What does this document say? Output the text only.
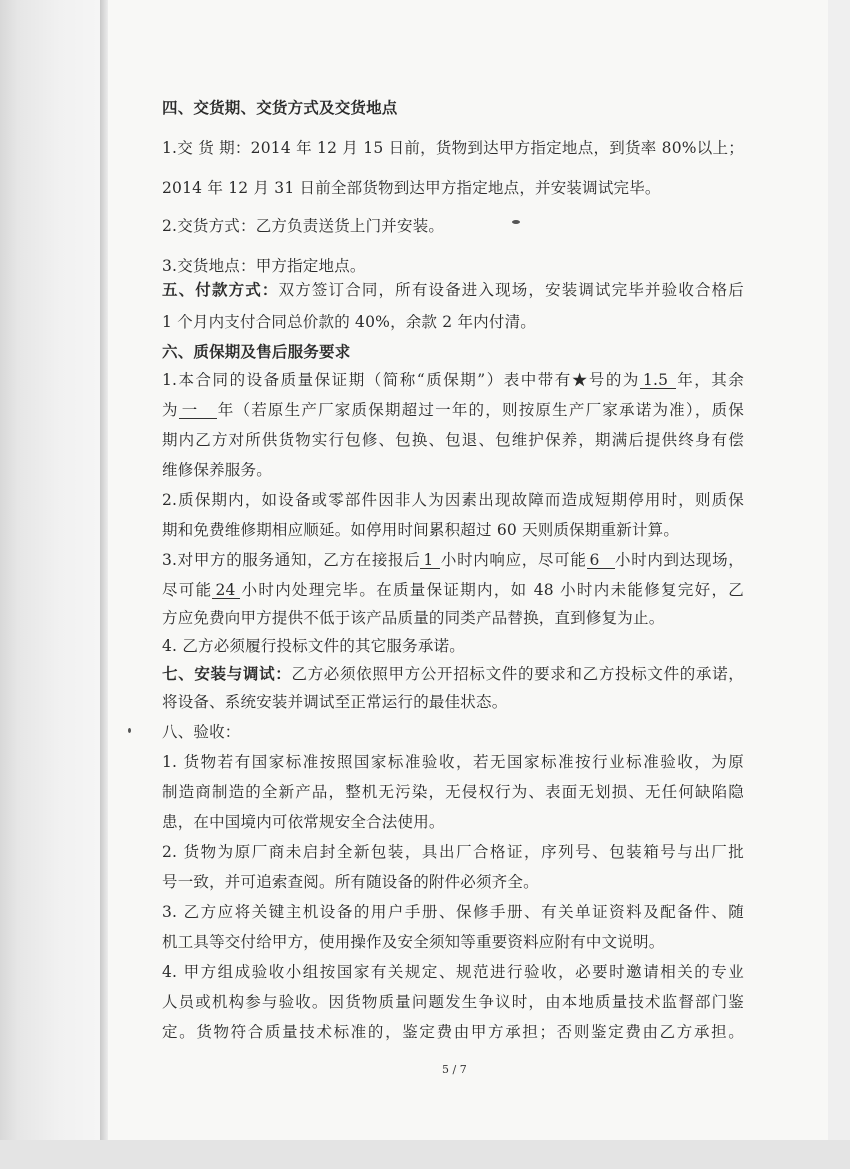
四、交货期、交货方式及交货地点
1.交 货 期：2014 年 12 月 15 日前，货物到达甲方指定地点，到货率 80%以上；
2014 年 12 月 31 日前全部货物到达甲方指定地点，并安装调试完毕。
2.交货方式：乙方负责送货上门并安装。
3.交货地点：甲方指定地点。
五、付款方式：双方签订合同，所有设备进入现场，安装调试完毕并验收合格后
1 个月内支付合同总价款的 40%，余款 2 年内付清。
六、质保期及售后服务要求
1.本合同的设备质量保证期（简称“质保期”）表中带有★号的为 1.5 年，其余
为 一 年（若原生产厂家质保期超过一年的，则按原生产厂家承诺为准），质保
期内乙方对所供货物实行包修、包换、包退、包维护保养，期满后提供终身有偿
维修保养服务。
2.质保期内，如设备或零部件因非人为因素出现故障而造成短期停用时，则质保
期和免费维修期相应顺延。如停用时间累积超过 60 天则质保期重新计算。
3.对甲方的服务通知，乙方在接报后 1 小时内响应，尽可能 6 小时内到达现场，
尽可能 24 小时内处理完毕。在质量保证期内，如 48 小时内未能修复完好，乙
方应免费向甲方提供不低于该产品质量的同类产品替换，直到修复为止。
4. 乙方必须履行投标文件的其它服务承诺。
七、安装与调试：乙方必须依照甲方公开招标文件的要求和乙方投标文件的承诺，
将设备、系统安装并调试至正常运行的最佳状态。
八、验收：
1. 货物若有国家标准按照国家标准验收，若无国家标准按行业标准验收，为原
制造商制造的全新产品，整机无污染，无侵权行为、表面无划损、无任何缺陷隐
患，在中国境内可依常规安全合法使用。
2. 货物为原厂商未启封全新包装，具出厂合格证，序列号、包装箱号与出厂批
号一致，并可追索查阅。所有随设备的附件必须齐全。
3. 乙方应将关键主机设备的用户手册、保修手册、有关单证资料及配备件、随
机工具等交付给甲方，使用操作及安全须知等重要资料应附有中文说明。
4. 甲方组成验收小组按国家有关规定、规范进行验收，必要时邀请相关的专业
人员或机构参与验收。因货物质量问题发生争议时，由本地质量技术监督部门鉴
定。货物符合质量技术标准的，鉴定费由甲方承担；否则鉴定费由乙方承担。
5 / 7
